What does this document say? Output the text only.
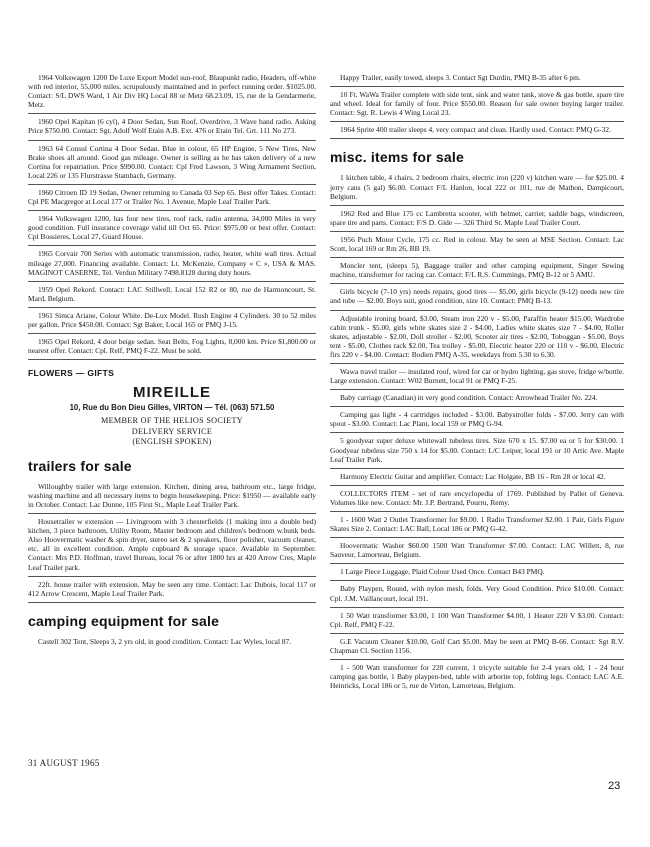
1964 Volkswagen 1200 De Luxe Export Model sun-roof, Blaupunkt radio, Headers, off-white with red interior, 55,000 miles, scrupulously maintained and in perfect running order. $1025.00. Contact: S/L DWS Ward, 1 Air Div HQ Local 88 or Metz 68.23.09, 15, rue de la Gendarmerie, Metz.
1960 Opel Kapitan (6 cyl), 4 Door Sedan, Sun Roof, Overdrive, 3 Wave band radio. Asking Price $750.00. Contact: Sgt. Adolf Wolf Etain A.B. Ext. 476 or Etain Tel. Grt. 111 No 273.
1963 64 Consul Cortina 4 Door Sedan. Blue in colour, 65 HP Engine, 5 New Tires, New Brake shoes all around. Good gas mileage. Owner is selling as he has taken delivery of a new Cortina for repatriation. Price $990.00. Contact: Cpl Fred Lawson, 3 Wing Armament Section, Local 226 or 135 Flurstrasse Stambach, Germany.
1960 Citroen ID 19 Sedan, Owner returning to Canada 03 Sep 65. Best offer Takes. Contact: Cpl PE Macgregor at Local 177 or Trailer No. 1 Avenue, Maple Leaf Trailer Park.
1964 Volkswagen 1200, has four new tires, roof rack, radio antenna, 34,000 Miles in very good condition. Full insurance coverage valid till Oct 65. Price: $975.00 or best offer. Contact: Cpl Bossieres, Local 27, Guard House.
1965 Corvair 700 Series with automatic transmission, radio, heater, white wall tires. Actual mileage 27,000. Financing available. Contact: Lt. McKenzie, Company « C », USA & MAS. MAGINOT CASERNE, Tel. Verdun Military 7498.8128 during duty hours.
1959 Opel Rekord. Contact: LAC Stillwell, Local 152 R2 or 80, rue de Harmoncourt, St. Mard, Belgium.
1961 Simca Ariane, Colour White. De-Lux Model. Rush Engine 4 Cylinders. 30 to 52 miles per gallon. Price $450.00. Contact: Sgt Baker, Local 165 or PMQ J-15.
1965 Opel Rekord, 4 door beige sedan. Seat Belts, Fog Lights, 8,000 km. Price $1,800.00 or nearest offer. Contact: Cpl. Relf, PMQ F-22. Must be sold.
FLOWERS — GIFTS
MIREILLE
10, Rue du Bon Dieu Gilles, VIRTON — Tél. (063) 571.50
MEMBER OF THE HELIOS SOCIETY
DELIVERY SERVICE
(ENGLISH SPOKEN)
trailers for sale
Willoughby trailer with large extension. Kitchen, dining area, bathroom etc., large fridge, washing machine and all necessary items to begin housekeeping. Price: $1950 — available early in October. Contact: Lac Dunne, 105 First St., Maple Leaf Trailer Park.
Housetrailer w extension — Livingroom with 3 chesterfields (1 making into a double bed) kitchen, 3 piece bathroom, Utility Room, Master bedroom and children's bedroom w.bunk beds. Also Hoovermatic washer & spin dryer, stereo set & 2 speakers, floor polisher, vacuum cleaner, etc. all in excellent condition. Ample cupboard & storage space. Available in September. Contact: Mrs P.D. Hoffman, travel Bureau, local 76 or after 1800 hrs at 420 Arrow Cres, Maple Leaf Trailer park.
22ft. house trailer with extension. May be seen any time. Contact: Lac Dubois, local 117 or 412 Arrow Crescent, Maple Leaf Trailer Park.
camping equipment for sale
Castell 302 Tent, Sleeps 3, 2 yrs old, in good condition. Contact: Lac Wyles, local 87.
Happy Trailer, easily towed, sleeps 3. Contact Sgt Durdin, PMQ B-35 after 6 pm.
10 Ft. WaWa Trailer complete with side tent, sink and water tank, stove & gas bottle, spare tire and wheel. Ideal for family of four. Price $550.00. Reason for sale owner buying larger trailer. Contact: Sgt. R. Lewis 4 Wing Local 23.
1964 Sprite 400 trailer sleeps 4, very compact and clean. Hardly used. Contact: PMQ G-32.
misc. items for sale
1 kitchen table, 4 chairs, 2 bedroom chairs, electric iron (220 v) kitchen ware — for $25.00. 4 jerry cans (5 gal) $6.00. Contact F/L Hanlon, local 222 or 101, rue de Mathon, Dampicourt, Belgium.
1962 Red and Blue 175 cc Lambretta scooter, with helmet, carrier, saddle bags, windscreen, spare tire and parts. Contact: F/S D. Gide — 326 Third St. Maple Leaf Trailer Court.
1956 Puch Motor Cycle, 175 cc. Red in colour. May be seen at MSE Section. Contact: Lac Scott, local 169 or Rm 26, BB 19.
Moncler tent, (sleeps 5), Baggage trailer and other camping equipment, Singer Sewing machine, transformer for racing car. Contact: F/L R.S. Cummings, PMQ B-12 or 5 AMU.
Girls bicycle (7-10 yrs) needs repairs, good tires — $5.00, girls bicycle (9-12) needs new tire and tube — $2.00. Boys suit, good condition, size 10. Contact: PMQ B-13.
Adjustable ironing board, $3.00, Steam iron 220 v - $5.00, Paraffin heater $15.00, Wardrobe cabin trunk - $5.00, girls white skates size 2 - $4.00, Ladies white skates size 7 - $4.00, Roller skates, adjustable - $2.00, Doll stroller - $2.00, Scooter air tires - $2.00, Toboggan - $5.00, Boys tent - $5.00, Clothes rack $2.00, Tea trolley - $5.00, Electric heater 220 or 110 v - $6.00, Electric firs 220 v - $4.00. Contact: Bodien PMQ A-35, weekdays from 5.30 to 6.30.
Wawa travel trailer — insulated roof, wired for car or hydro lighting, gas stove, fridge w/bottle. Large extension. Contact: W02 Burnett, local 91 or PMQ F-25.
Baby carriage (Canadian) in very good condition. Contact: Arrowhead Trailer No. 224.
Camping gas light - 4 cartridges included - $3.00. Babystroller folds - $7.00. Jerry can with spout - $3.00. Contact: Lac Plant, local 159 or PMQ G-94.
5 goodyear super deluxe whitewall tubeless tires. Size 670 x 15. $7.00 ea or 5 for $30.00. 1 Goodyear tubeless size 750 x 14 for $5.00. Contact: L/C Leiper, local 191 or 10 Artic Ave. Maple Leaf Trailer Park.
Harmony Electric Guitar and amplifier. Contact: Lac Holgate, BB 16 - Rm 28 or local 42.
COLLECTORS ITEM - set of rare encyclopedia of 1769. Published by Pallet of Geneva. Volumes like new. Contact: Mr. J.P. Bertrand, Pourru, Remy.
1 - 1600 Watt 2 Outlet Transformer for $9.00. 1 Radio Transformer $2.00. 1 Pair, Girls Figure Skates Size 2. Contact: LAC Ball, Local 186 or PMQ G-42.
Hoovermatic Washer $60.00 1500 Watt Transformer $7.00. Contact: LAC Willett, 8, rue Sauveur, Lamorteau, Belgium.
1 Large Piece Luggage, Plaid Colour Used Once. Contact B43 PMQ.
Baby Playpen, Round, with nylon mesh, folds. Very Good Condition. Price $10.00. Contact: Cpl. J.M. Vaillancourt, local 191.
1 50 Watt transformer $3.00, 1 100 Watt Transformer $4.00, 1 Heater 220 V $3.00. Contact: Cpl. Relf, PMQ F-22.
G.E Vacuum Cleaner $10.00, Golf Cart $5.00. May be seen at PMQ B-66. Contact: Sgt R.V. Chapman Cl. Section 1156.
1 - 500 Watt transformer for 220 current, 1 tricycle suitable for 2-4 years old, 1 - 24 hour camping gas bottle, 1 Baby playpen-bed, table with arborite top, folding legs. Contact: LAC A.E. Heinricks, Local 186 or 5, rue de Virton, Lamorteau, Belgium.
31 AUGUST 1965
23
